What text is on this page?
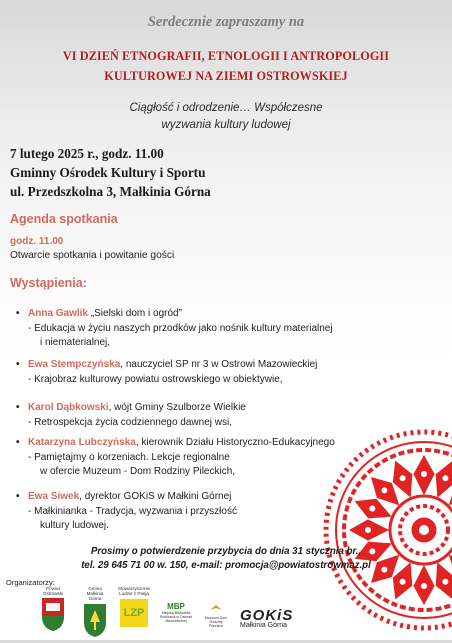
Serdecznie zapraszamy na
VI DZIEŃ ETNOGRAFII, ETNOLOGII I ANTROPOLOGII
KULTUROWEJ NA ZIEMI OSTROWSKIEJ
Ciągłość i odrodzenie… Współczesne
wyzwania kultury ludowej
7 lutego 2025 r., godz. 11.00
Gminny Ośrodek Kultury i Sportu
ul. Przedszkolna 3, Małkinia Górna
Agenda spotkania
godz. 11.00
Otwarcie spotkania i powitanie gości
Wystąpienia:
• Anna Gawlik „Sielski dom i ogród”
- Edukacja w życiu naszych przodków jako nośnik kultury materialnej
i niematerialnej,
• Ewa Stempczyńska, nauczyciel SP nr 3 w Ostrowi Mazowieckiej
- Krajobraz kulturowy powiatu ostrowskiego w obiektywie,
• Karol Dąbkowski, wójt Gminy Szulborze Wielkie
- Retrospekcja życia codziennego dawnej wsi,
• Katarzyna Lubczyńska, kierownik Działu Historyczno-Edukacyjnego
- Pamiętajmy o korzeniach. Lekcje regionalne
w ofercie Muzeum - Dom Rodziny Pileckich,
• Ewa Siwek, dyrektor GOKiS w Małkini Górnej
- Małkinianka - Tradycja, wyzwania i przyszłość
kultury ludowej.
Prosimy o potwierdzenie przybycia do dnia 31 stycznia br.,
tel. 29 645 71 00 w. 150, e-mail: promocja@powiatostrowmaz.pl
Organizatorzy:
Powiat Ostrowski
Gmina Małkinia Górna
Stowarzyszenie Ludzie z Pasją
LZP
MBP
Miejska Biblioteka Publiczna w Ostrowi Mazowieckiej
Muzeum Dom Rodziny Pileckich
GOKiS
Małkinia Górna
